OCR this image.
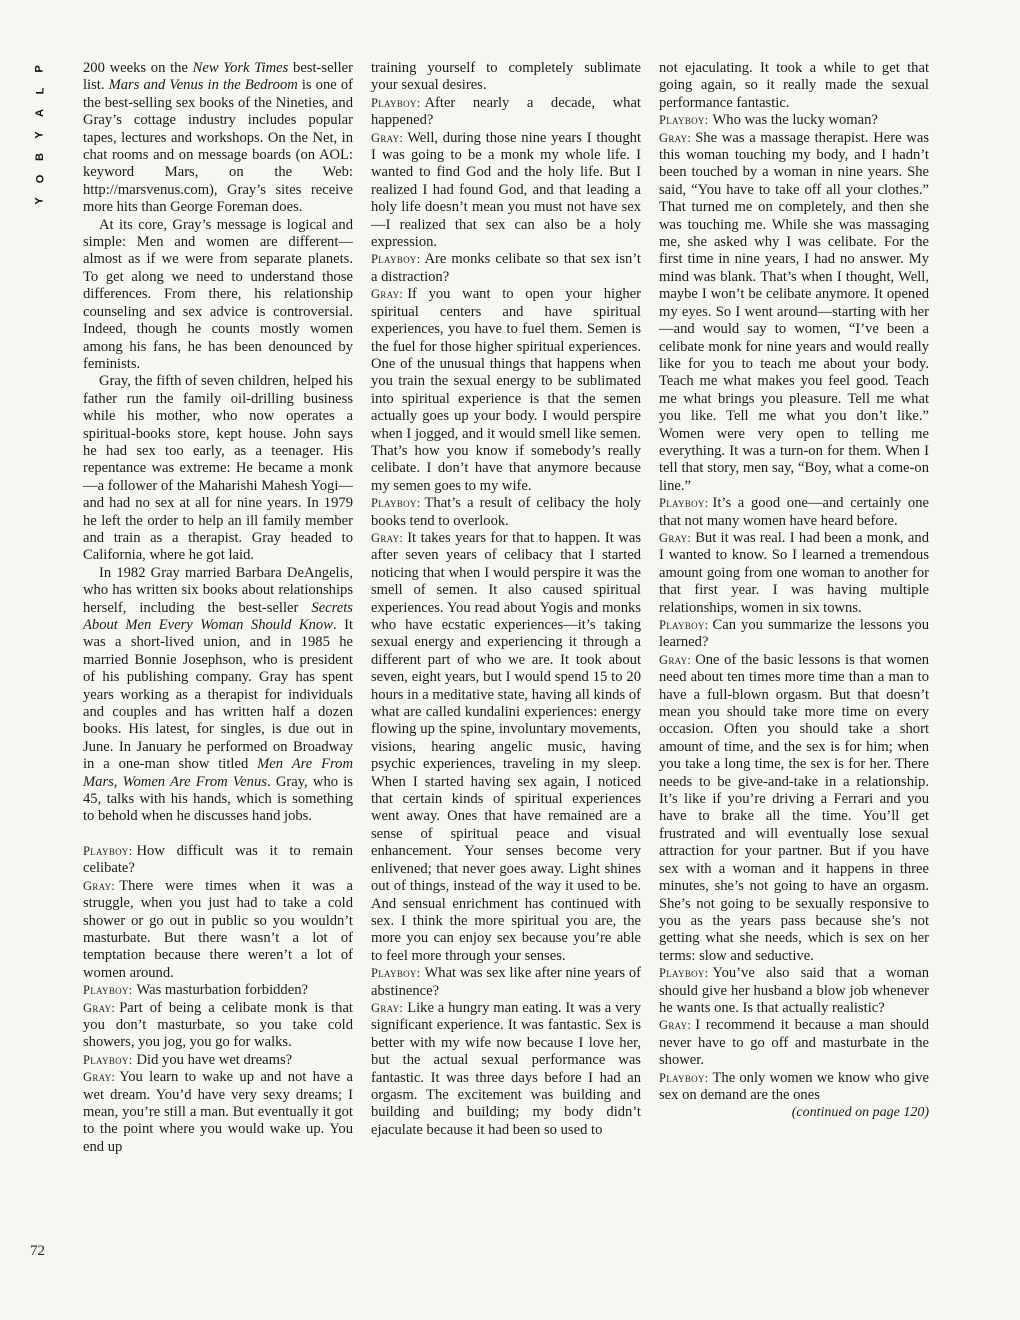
P
L
A
Y
B
O
Y
72

200 weeks on the New York Times best-seller list. Mars and Venus in the Bedroom is one of the best-selling sex books of the Nineties, and Gray’s cottage industry includes popular tapes, lectures and workshops. On the Net, in chat rooms and on message boards (on AOL: keyword Mars, on the Web: http://marsvenus.com), Gray’s sites receive more hits than George Foreman does.

At its core, Gray’s message is logical and simple: Men and women are different—almost as if we were from separate planets. To get along we need to understand those differences. From there, his relationship counseling and sex advice is controversial. Indeed, though he counts mostly women among his fans, he has been denounced by feminists.

Gray, the fifth of seven children, helped his father run the family oil-drilling business while his mother, who now operates a spiritual-books store, kept house. John says he had sex too early, as a teenager. His repentance was extreme: He became a monk—a follower of the Maharishi Mahesh Yogi—and had no sex at all for nine years. In 1979 he left the order to help an ill family member and train as a therapist. Gray headed to California, where he got laid.

In 1982 Gray married Barbara DeAngelis, who has written six books about relationships herself, including the best-seller Secrets About Men Every Woman Should Know. It was a short-lived union, and in 1985 he married Bonnie Josephson, who is president of his publishing company. Gray has spent years working as a therapist for individuals and couples and has written half a dozen books. His latest, for singles, is due out in June. In January he performed on Broadway in a one-man show titled Men Are From Mars, Women Are From Venus. Gray, who is 45, talks with his hands, which is something to behold when he discusses hand jobs.

Playboy: How difficult was it to remain celibate?

Gray: There were times when it was a struggle, when you just had to take a cold shower or go out in public so you wouldn’t masturbate. But there wasn’t a lot of temptation because there weren’t a lot of women around.

Playboy: Was masturbation forbidden?

Gray: Part of being a celibate monk is that you don’t masturbate, so you take cold showers, you jog, you go for walks.

Playboy: Did you have wet dreams?

Gray: You learn to wake up and not have a wet dream. You’d have very sexy dreams; I mean, you’re still a man. But eventually it got to the point where you would wake up. You end up

training yourself to completely sublimate your sexual desires.

Playboy: After nearly a decade, what happened?

Gray: Well, during those nine years I thought I was going to be a monk my whole life. I wanted to find God and the holy life. But I realized I had found God, and that leading a holy life doesn’t mean you must not have sex—I realized that sex can also be a holy expression.

Playboy: Are monks celibate so that sex isn’t a distraction?

Gray: If you want to open your higher spiritual centers and have spiritual experiences, you have to fuel them. Semen is the fuel for those higher spiritual experiences. One of the unusual things that happens when you train the sexual energy to be sublimated into spiritual experience is that the semen actually goes up your body. I would perspire when I jogged, and it would smell like semen. That’s how you know if somebody’s really celibate. I don’t have that anymore because my semen goes to my wife.

Playboy: That’s a result of celibacy the holy books tend to overlook.

Gray: It takes years for that to happen. It was after seven years of celibacy that I started noticing that when I would perspire it was the smell of semen. It also caused spiritual experiences. You read about Yogis and monks who have ecstatic experiences—it’s taking sexual energy and experiencing it through a different part of who we are. It took about seven, eight years, but I would spend 15 to 20 hours in a meditative state, having all kinds of what are called kundalini experiences: energy flowing up the spine, involuntary movements, visions, hearing angelic music, having psychic experiences, traveling in my sleep. When I started having sex again, I noticed that certain kinds of spiritual experiences went away. Ones that have remained are a sense of spiritual peace and visual enhancement. Your senses become very enlivened; that never goes away. Light shines out of things, instead of the way it used to be. And sensual enrichment has continued with sex. I think the more spiritual you are, the more you can enjoy sex because you’re able to feel more through your senses.

Playboy: What was sex like after nine years of abstinence?

Gray: Like a hungry man eating. It was a very significant experience. It was fantastic. Sex is better with my wife now because I love her, but the actual sexual performance was fantastic. It was three days before I had an orgasm. The excitement was building and building and building; my body didn’t ejaculate because it had been so used to

not ejaculating. It took a while to get that going again, so it really made the sexual performance fantastic.

Playboy: Who was the lucky woman?

Gray: She was a massage therapist. Here was this woman touching my body, and I hadn’t been touched by a woman in nine years. She said, “You have to take off all your clothes.” That turned me on completely, and then she was touching me. While she was massaging me, she asked why I was celibate. For the first time in nine years, I had no answer. My mind was blank. That’s when I thought, Well, maybe I won’t be celibate anymore. It opened my eyes. So I went around—starting with her—and would say to women, “I’ve been a celibate monk for nine years and would really like for you to teach me about your body. Teach me what makes you feel good. Teach me what brings you pleasure. Tell me what you like. Tell me what you don’t like.” Women were very open to telling me everything. It was a turn-on for them. When I tell that story, men say, “Boy, what a come-on line.”

Playboy: It’s a good one—and certainly one that not many women have heard before.

Gray: But it was real. I had been a monk, and I wanted to know. So I learned a tremendous amount going from one woman to another for that first year. I was having multiple relationships, women in six towns.

Playboy: Can you summarize the lessons you learned?

Gray: One of the basic lessons is that women need about ten times more time than a man to have a full-blown orgasm. But that doesn’t mean you should take more time on every occasion. Often you should take a short amount of time, and the sex is for him; when you take a long time, the sex is for her. There needs to be give-and-take in a relationship. It’s like if you’re driving a Ferrari and you have to brake all the time. You’ll get frustrated and will eventually lose sexual attraction for your partner. But if you have sex with a woman and it happens in three minutes, she’s not going to have an orgasm. She’s not going to be sexually responsive to you as the years pass because she’s not getting what she needs, which is sex on her terms: slow and seductive.

Playboy: You’ve also said that a woman should give her husband a blow job whenever he wants one. Is that actually realistic?

Gray: I recommend it because a man should never have to go off and masturbate in the shower.

Playboy: The only women we know who give sex on demand are the ones

(continued on page 120)
